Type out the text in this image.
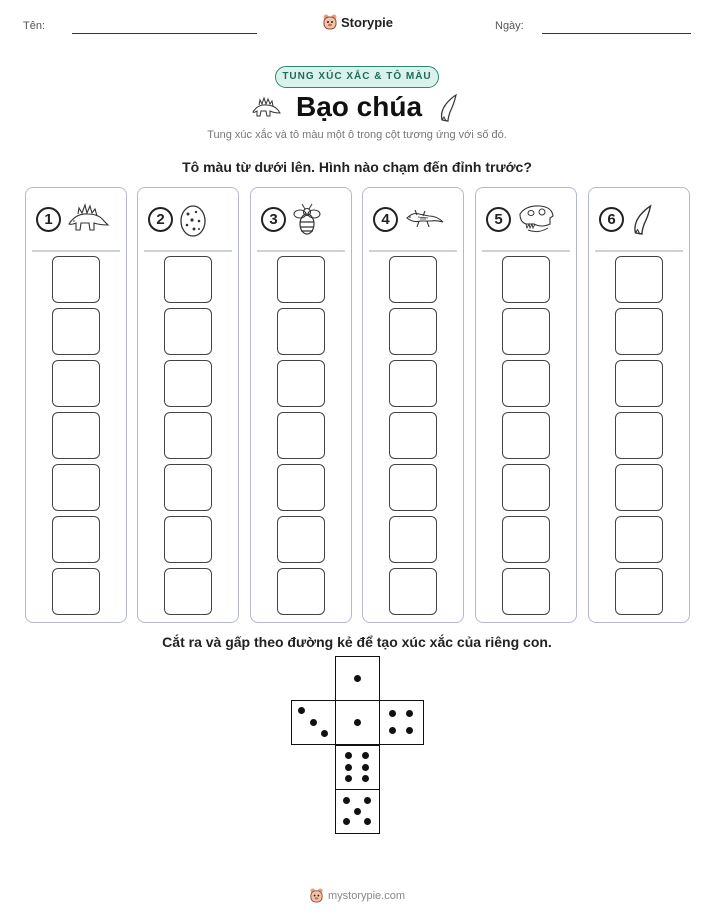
Tên:	Storypie	Ngày:
TUNG XÚC XẮC & TÔ MÀU
Bạo chúa
Tung xúc xắc và tô màu một ô trong cột tương ứng với số đó.
Tô màu từ dưới lên. Hình nào chạm đến đỉnh trước?
1	2	3	4	5	6
Cắt ra và gấp theo đường kẻ để tạo xúc xắc của riêng con.
mystorypie.com
